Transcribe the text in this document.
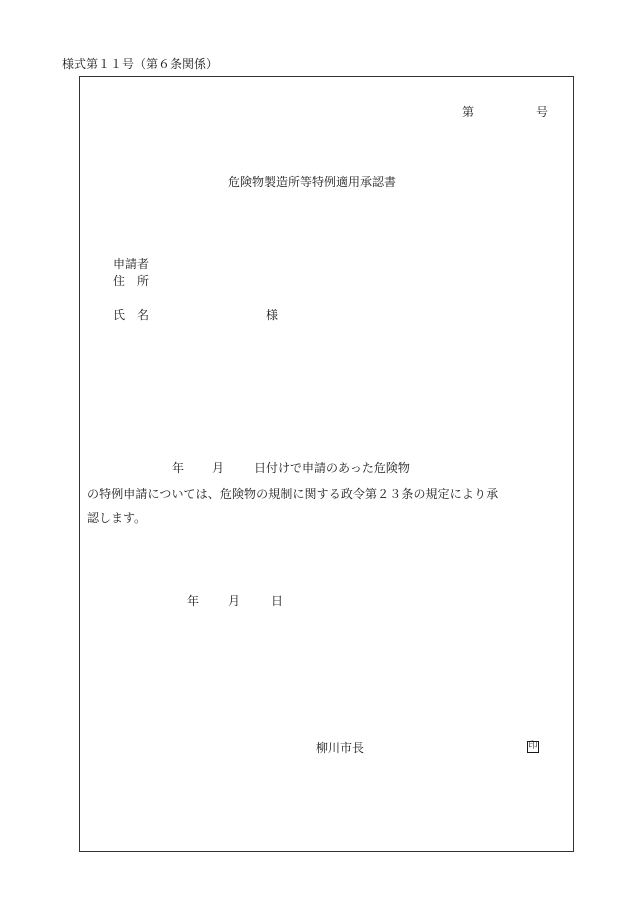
様式第１１号（第６条関係）
第	号
危険物製造所等特例適用承認書
申請者
住　所
氏　名	様
年 月 日 付けで申請のあった危険物
の特例申請については、危険物の規制に関する政令第２３条の規定により承
認します。
年 月	日
柳川市長	印
